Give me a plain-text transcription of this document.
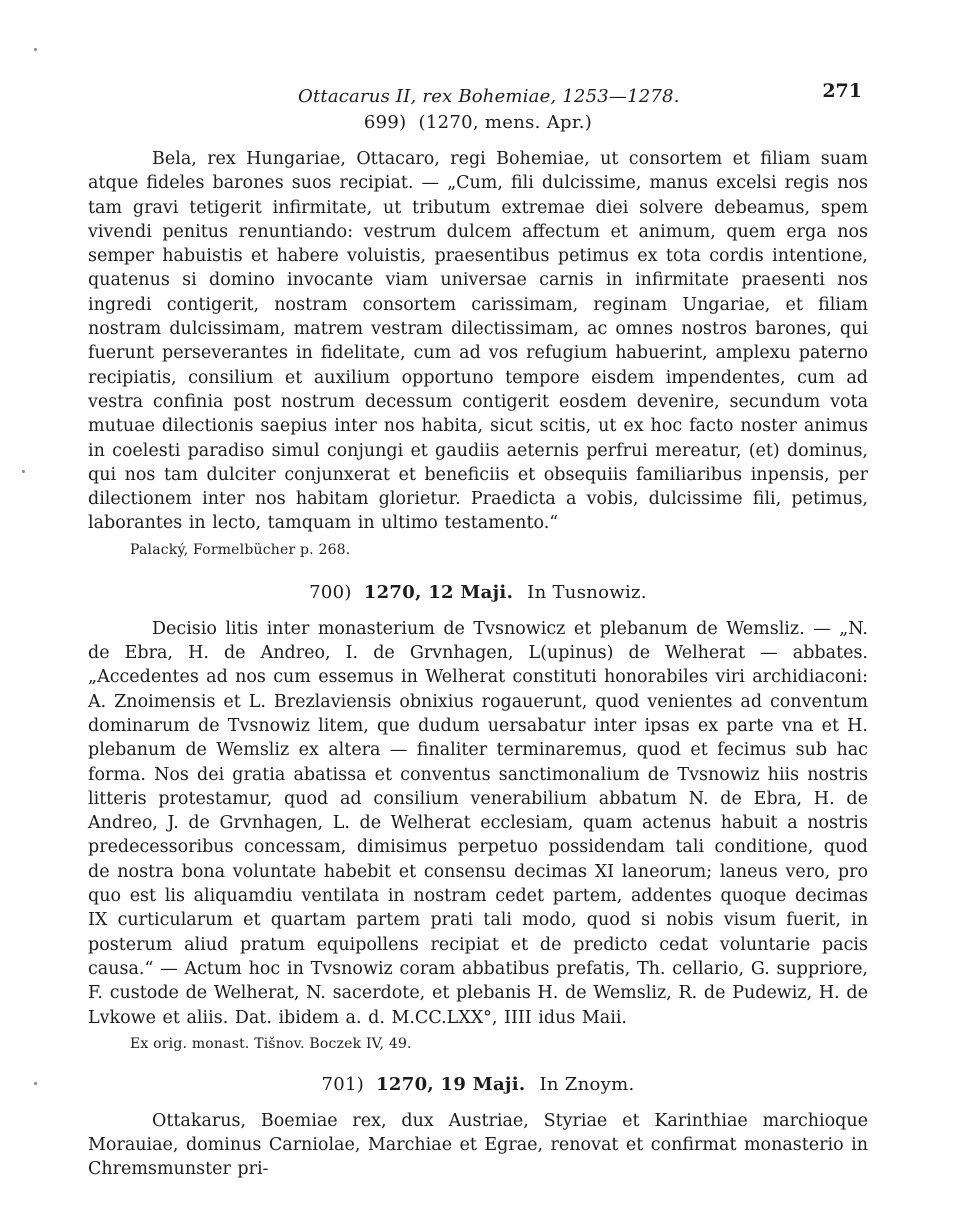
Ottacarus II, rex Bohemiae, 1253—1278.	271
699) (1270, mens. Apr.)

Bela, rex Hungariae, Ottacaro, regi Bohemiae, ut consortem et filiam suam atque fideles barones suos recipiat. — „Cum, fili dulcissime, manus excelsi regis nos tam gravi tetigerit infirmitate, ut tributum extremae diei solvere debeamus, spem vivendi penitus renuntiando: vestrum dulcem affectum et animum, quem erga nos semper habuistis et habere voluistis, praesentibus petimus ex tota cordis intentione, quatenus si domino invocante viam universae carnis in infirmitate praesenti nos ingredi contigerit, nostram consortem carissimam, reginam Ungariae, et filiam nostram dulcissimam, matrem vestram dilectissimam, ac omnes nostros barones, qui fuerunt perseverantes in fidelitate, cum ad vos refugium habuerint, amplexu paterno recipiatis, consilium et auxilium opportuno tempore eisdem impendentes, cum ad vestra confinia post nostrum decessum contigerit eosdem devenire, secundum vota mutuae dilectionis saepius inter nos habita, sicut scitis, ut ex hoc facto noster animus in coelesti paradiso simul conjungi et gaudiis aeternis perfrui mereatur, (et) dominus, qui nos tam dulciter conjunxerat et beneficiis et obsequiis familiaribus inpensis, per dilectionem inter nos habitam glorietur. Praedicta a vobis, dulcissime fili, petimus, laborantes in lecto, tamquam in ultimo testamento.“

Palacký, Formelbücher p. 268.
700) 1270, 12 Maji. In Tusnowiz.

Decisio litis inter monasterium de Tvsnowicz et plebanum de Wemsliz. — „N. de Ebra, H. de Andreo, I. de Grvnhagen, L(upinus) de Welherat — abbates. „Accedentes ad nos cum essemus in Welherat constituti honorabiles viri archidiaconi: A. Znoimensis et L. Brezlaviensis obnixius rogauerunt, quod venientes ad conventum dominarum de Tvsnowiz litem, que dudum uersabatur inter ipsas ex parte vna et H. plebanum de Wemsliz ex altera — finaliter terminaremus, quod et fecimus sub hac forma. Nos dei gratia abatissa et conventus sanctimonalium de Tvsnowiz hiis nostris litteris protestamur, quod ad consilium venerabilium abbatum N. de Ebra, H. de Andreo, J. de Grvnhagen, L. de Welherat ecclesiam, quam actenus habuit a nostris predecessoribus concessam, dimisimus perpetuo possidendam tali conditione, quod de nostra bona voluntate habebit et consensu decimas XI laneorum; laneus vero, pro quo est lis aliquamdiu ventilata in nostram cedet partem, addentes quoque decimas IX curticularum et quartam partem prati tali modo, quod si nobis visum fuerit, in posterum aliud pratum equipollens recipiat et de predicto cedat voluntarie pacis causa.“ — Actum hoc in Tvsnowiz coram abbatibus prefatis, Th. cellario, G. suppriore, F. custode de Welherat, N. sacerdote, et plebanis H. de Wemsliz, R. de Pudewiz, H. de Lvkowe et aliis. Dat. ibidem a. d. M.CC.LXX°, IIII idus Maii.

Ex orig. monast. Tišnov. Boczek IV, 49.
701) 1270, 19 Maji. In Znoym.

Ottakarus, Boemiae rex, dux Austriae, Styriae et Karinthiae marchioque Morauiae, dominus Carniolae, Marchiae et Egrae, renovat et confirmat monasterio in Chremsmunster pri-
